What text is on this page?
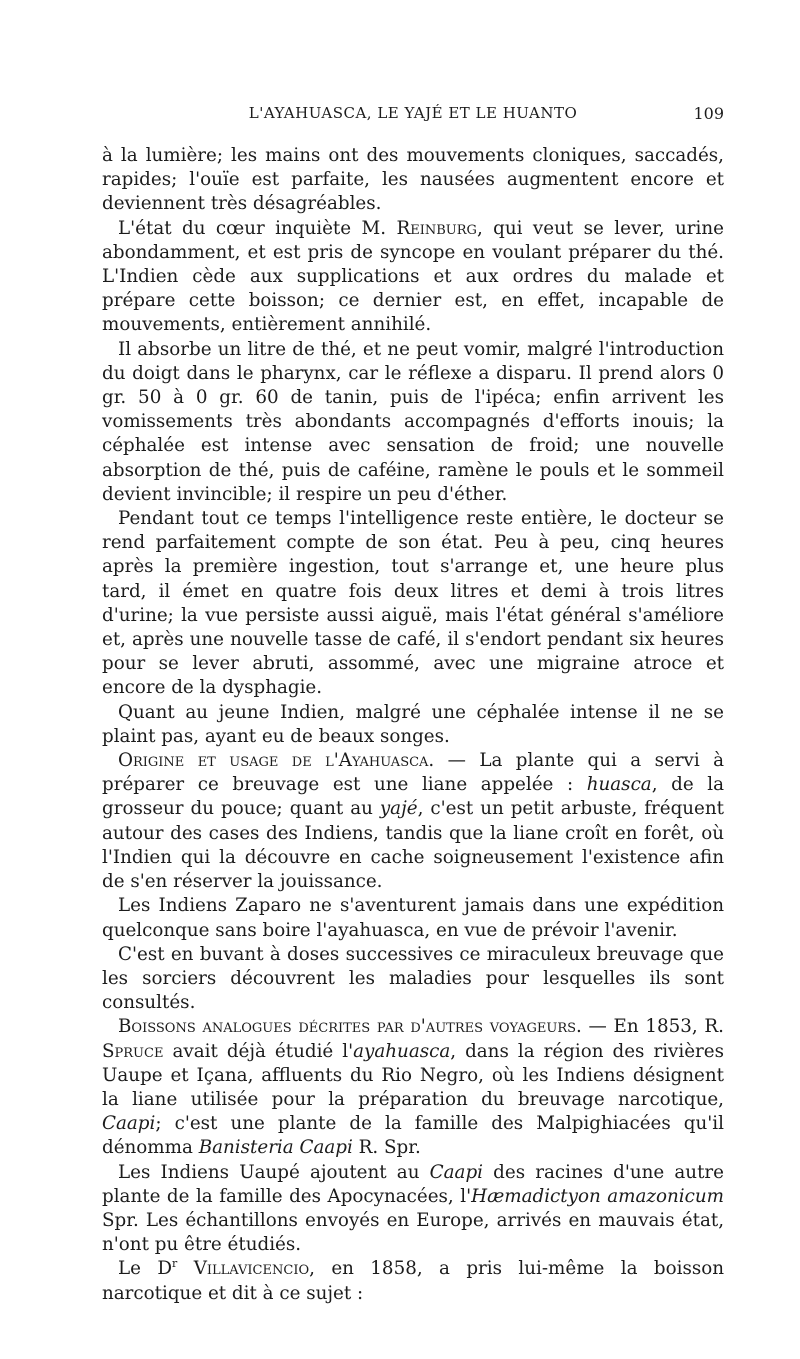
L'AYAHUASCA, LE YAJÉ ET LE HUANTO	109

à la lumière; les mains ont des mouvements cloniques, saccadés, rapides; l'ouïe est parfaite, les nausées augmentent encore et deviennent très désagréables.

L'état du cœur inquiète M. Reinburg, qui veut se lever, urine abondamment, et est pris de syncope en voulant préparer du thé. L'Indien cède aux supplications et aux ordres du malade et prépare cette boisson; ce dernier est, en effet, incapable de mouvements, entièrement annihilé.

Il absorbe un litre de thé, et ne peut vomir, malgré l'introduction du doigt dans le pharynx, car le réflexe a disparu. Il prend alors 0 gr. 50 à 0 gr. 60 de tanin, puis de l'ipéca; enfin arrivent les vomissements très abondants accompagnés d'efforts inouis; la céphalée est intense avec sensation de froid; une nouvelle absorption de thé, puis de caféine, ramène le pouls et le sommeil devient invincible; il respire un peu d'éther.

Pendant tout ce temps l'intelligence reste entière, le docteur se rend parfaitement compte de son état. Peu à peu, cinq heures après la première ingestion, tout s'arrange et, une heure plus tard, il émet en quatre fois deux litres et demi à trois litres d'urine; la vue persiste aussi aiguë, mais l'état général s'améliore et, après une nouvelle tasse de café, il s'endort pendant six heures pour se lever abruti, assommé, avec une migraine atroce et encore de la dysphagie.

Quant au jeune Indien, malgré une céphalée intense il ne se plaint pas, ayant eu de beaux songes.

Origine et usage de l'Ayahuasca. — La plante qui a servi à préparer ce breuvage est une liane appelée : huasca, de la grosseur du pouce; quant au yajé, c'est un petit arbuste, fréquent autour des cases des Indiens, tandis que la liane croît en forêt, où l'Indien qui la découvre en cache soigneusement l'existence afin de s'en réserver la jouissance.

Les Indiens Zaparo ne s'aventurent jamais dans une expédition quelconque sans boire l'ayahuasca, en vue de prévoir l'avenir.

C'est en buvant à doses successives ce miraculeux breuvage que les sorciers découvrent les maladies pour lesquelles ils sont consultés.

Boissons analogues décrites par d'autres voyageurs. — En 1853, R. Spruce avait déjà étudié l'ayahuasca, dans la région des rivières Uaupe et Içana, affluents du Rio Negro, où les Indiens désignent la liane utilisée pour la préparation du breuvage narcotique, Caapi; c'est une plante de la famille des Malpighiacées qu'il dénomma Banisteria Caapi R. Spr.

Les Indiens Uaupé ajoutent au Caapi des racines d'une autre plante de la famille des Apocynacées, l'Hæmadictyon amazonicum Spr. Les échantillons envoyés en Europe, arrivés en mauvais état, n'ont pu être étudiés.

Le $D^r$ Villavicencio, en 1858, a pris lui-même la boisson narcotique et dit à ce sujet :
